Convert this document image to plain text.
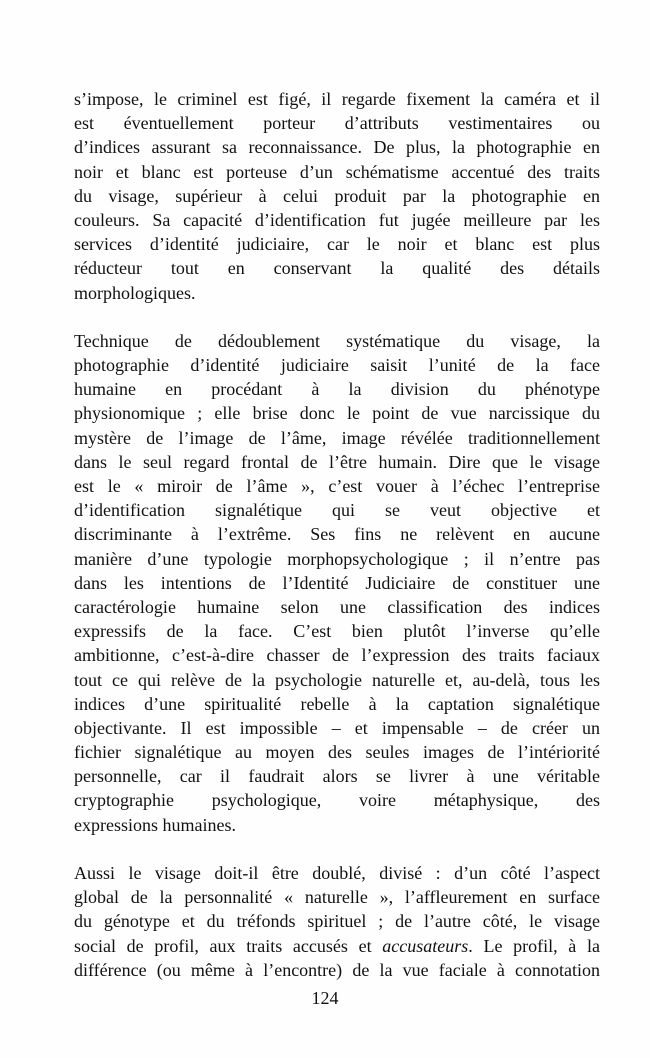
s’impose, le criminel est figé, il regarde fixement la caméra et il
est éventuellement porteur d’attributs vestimentaires ou
d’indices assurant sa reconnaissance. De plus, la photographie en
noir et blanc est porteuse d’un schématisme accentué des traits
du visage, supérieur à celui produit par la photographie en
couleurs. Sa capacité d’identification fut jugée meilleure par les
services d’identité judiciaire, car le noir et blanc est plus
réducteur tout en conservant la qualité des détails
morphologiques.

Technique de dédoublement systématique du visage, la
photographie d’identité judiciaire saisit l’unité de la face
humaine en procédant à la division du phénotype
physionomique ; elle brise donc le point de vue narcissique du
mystère de l’image de l’âme, image révélée traditionnellement
dans le seul regard frontal de l’être humain. Dire que le visage
est le « miroir de l’âme », c’est vouer à l’échec l’entreprise
d’identification signalétique qui se veut objective et
discriminante à l’extrême. Ses fins ne relèvent en aucune
manière d’une typologie morphopsychologique ; il n’entre pas
dans les intentions de l’Identité Judiciaire de constituer une
caractérologie humaine selon une classification des indices
expressifs de la face. C’est bien plutôt l’inverse qu’elle
ambitionne, c’est-à-dire chasser de l’expression des traits faciaux
tout ce qui relève de la psychologie naturelle et, au-delà, tous les
indices d’une spiritualité rebelle à la captation signalétique
objectivante. Il est impossible – et impensable – de créer un
fichier signalétique au moyen des seules images de l’intériorité
personnelle, car il faudrait alors se livrer à une véritable
cryptographie psychologique, voire métaphysique, des
expressions humaines.

Aussi le visage doit-il être doublé, divisé : d’un côté l’aspect
global de la personnalité « naturelle », l’affleurement en surface
du génotype et du tréfonds spirituel ; de l’autre côté, le visage
social de profil, aux traits accusés et accusateurs. Le profil, à la
différence (ou même à l’encontre) de la vue faciale à connotation

124
